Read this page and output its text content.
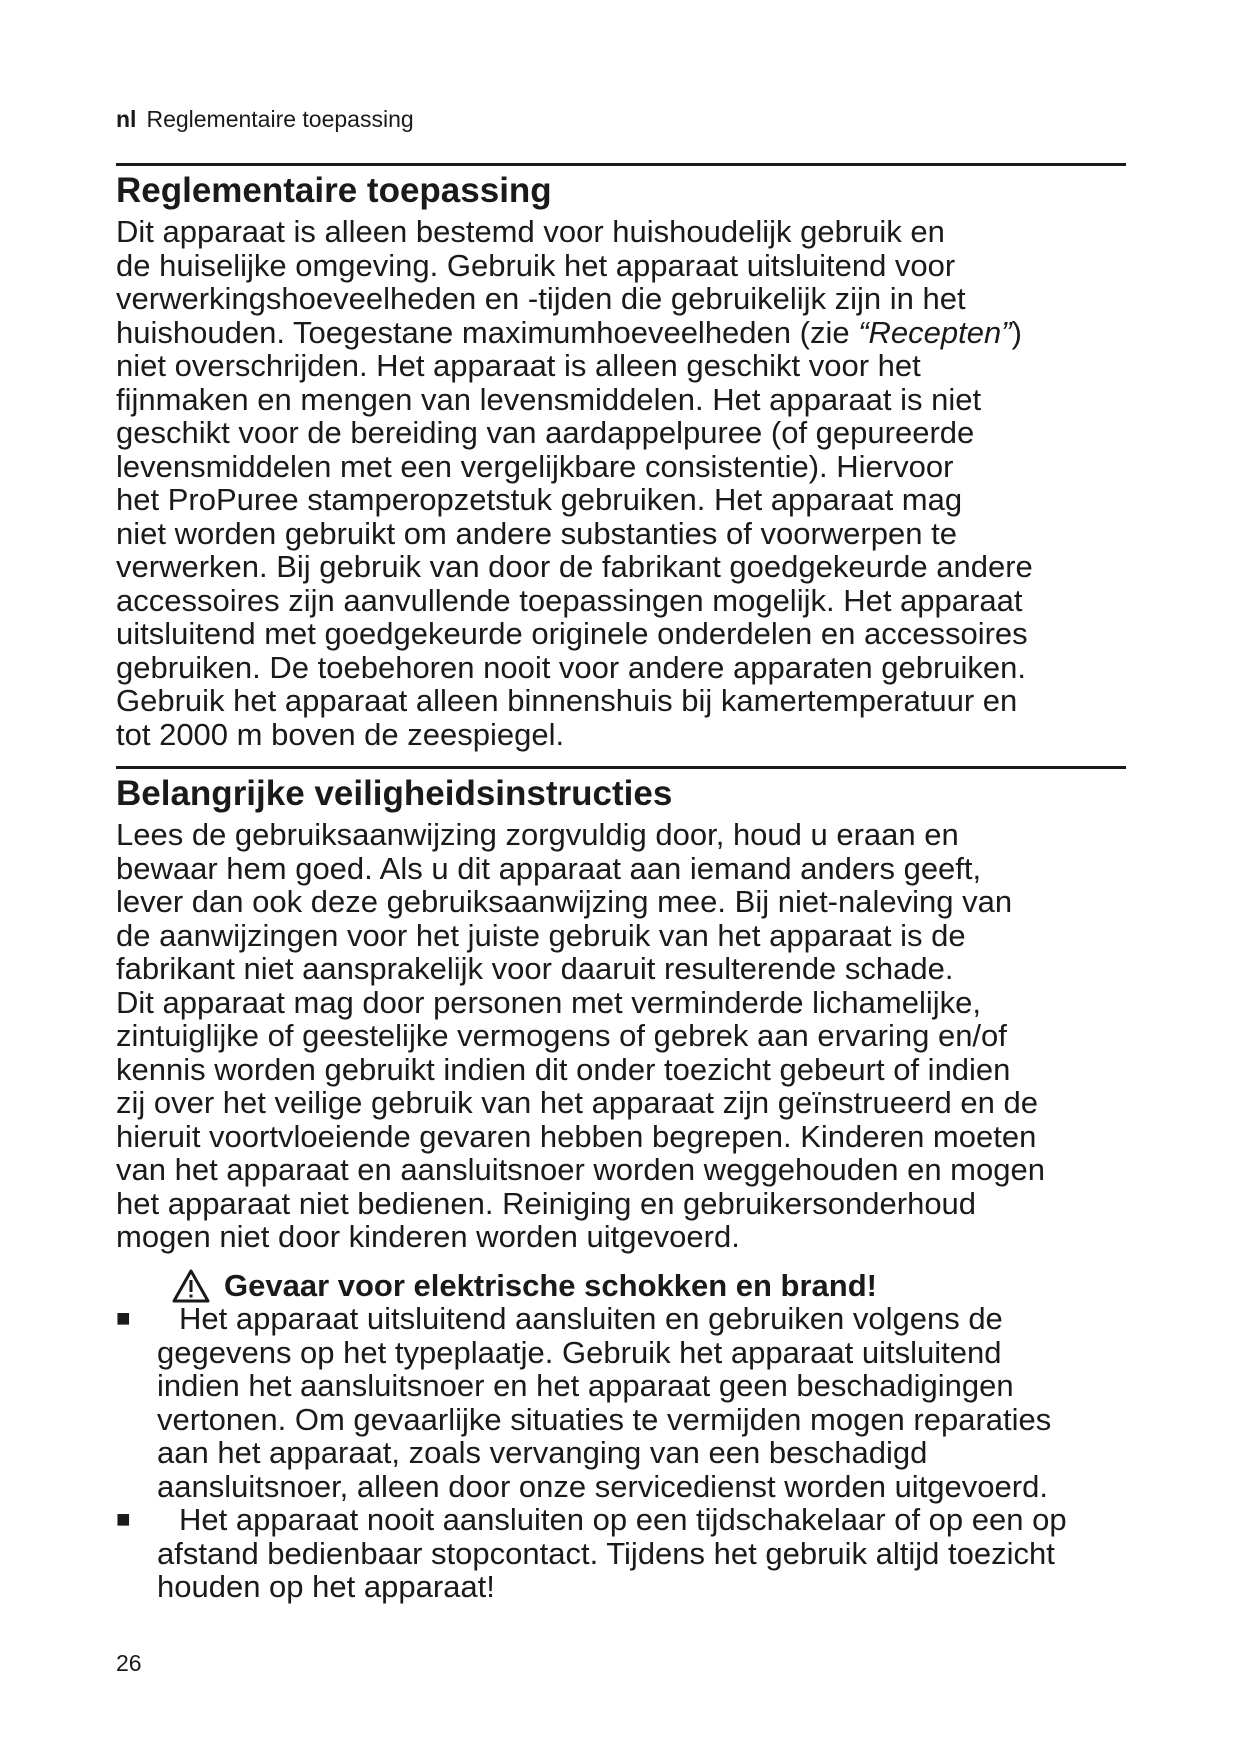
nl Reglementaire toepassing
Reglementaire toepassing
Dit apparaat is alleen bestemd voor huishoudelijk gebruik en
de huiselijke omgeving. Gebruik het apparaat uitsluitend voor
verwerkingshoeveelheden en -tijden die gebruikelijk zijn in het
huishouden. Toegestane maximumhoeveelheden (zie “Recepten”)
niet overschrijden. Het apparaat is alleen geschikt voor het
fijnmaken en mengen van levensmiddelen. Het apparaat is niet
geschikt voor de bereiding van aardappelpuree (of gepureerde
levensmiddelen met een vergelijkbare consistentie). Hiervoor
het ProPuree stamperopzetstuk gebruiken. Het apparaat mag
niet worden gebruikt om andere substanties of voorwerpen te
verwerken. Bij gebruik van door de fabrikant goedgekeurde andere
accessoires zijn aanvullende toepassingen mogelijk. Het apparaat
uitsluitend met goedgekeurde originele onderdelen en accessoires
gebruiken. De toebehoren nooit voor andere apparaten gebruiken.
Gebruik het apparaat alleen binnenshuis bij kamertemperatuur en
tot 2000 m boven de zeespiegel.
Belangrijke veiligheidsinstructies
Lees de gebruiksaanwijzing zorgvuldig door, houd u eraan en
bewaar hem goed. Als u dit apparaat aan iemand anders geeft,
lever dan ook deze gebruiksaanwijzing mee. Bij niet-naleving van
de aanwijzingen voor het juiste gebruik van het apparaat is de
fabrikant niet aansprakelijk voor daaruit resulterende schade.
Dit apparaat mag door personen met verminderde lichamelijke,
zintuiglijke of geestelijke vermogens of gebrek aan ervaring en/of
kennis worden gebruikt indien dit onder toezicht gebeurt of indien
zij over het veilige gebruik van het apparaat zijn geïnstrueerd en de
hieruit voortvloeiende gevaren hebben begrepen. Kinderen moeten
van het apparaat en aansluitsnoer worden weggehouden en mogen
het apparaat niet bedienen. Reiniging en gebruikersonderhoud
mogen niet door kinderen worden uitgevoerd.
Gevaar voor elektrische schokken en brand!
■	Het apparaat uitsluitend aansluiten en gebruiken volgens de
gegevens op het typeplaatje. Gebruik het apparaat uitsluitend
indien het aansluitsnoer en het apparaat geen beschadigingen
vertonen. Om gevaarlijke situaties te vermijden mogen reparaties
aan het apparaat, zoals vervanging van een beschadigd
aansluitsnoer, alleen door onze servicedienst worden uitgevoerd.
■	Het apparaat nooit aansluiten op een tijdschakelaar of op een op
afstand bedienbaar stopcontact. Tijdens het gebruik altijd toezicht
houden op het apparaat!
26
